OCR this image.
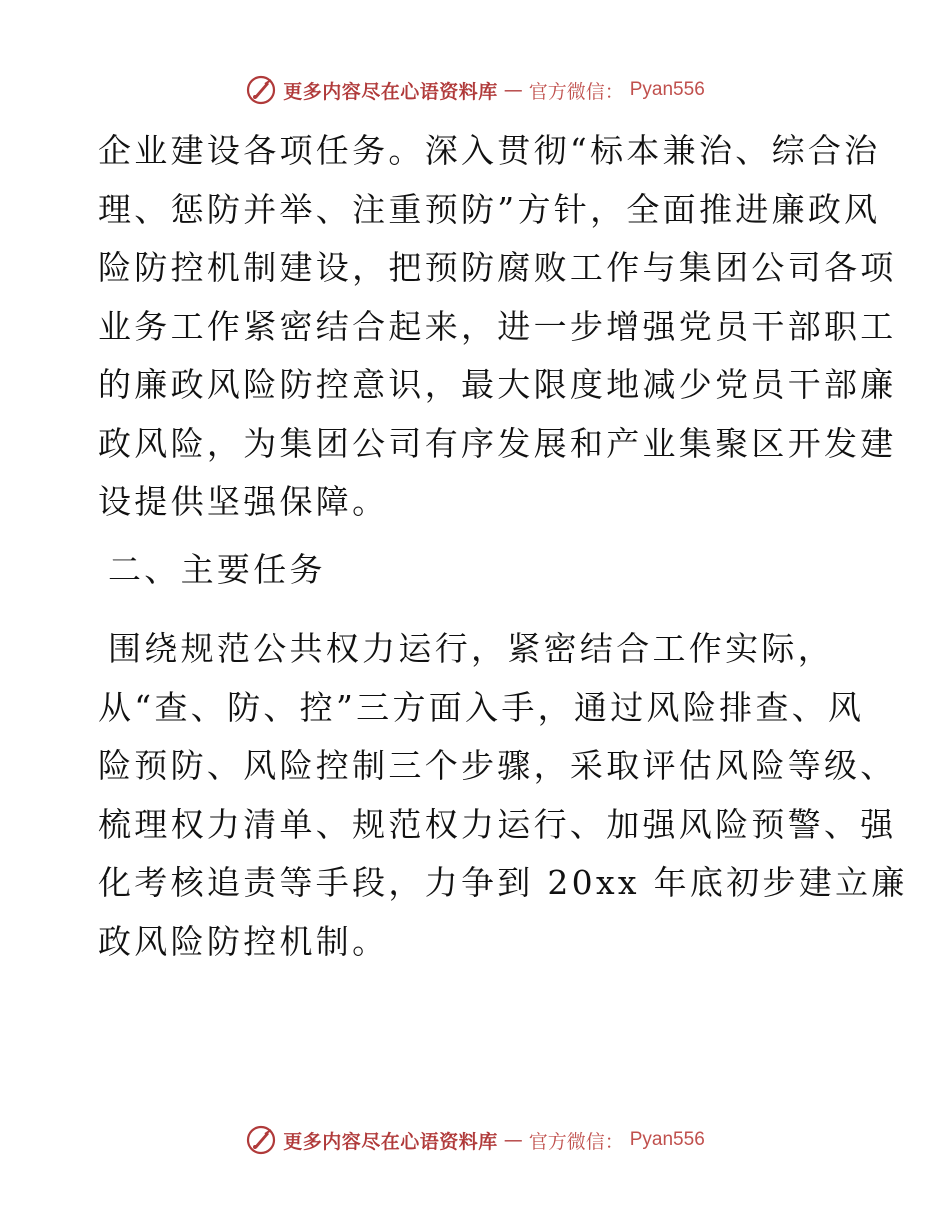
更多内容尽在心语资料库 — 官方微信： Pyan556

企业建设各项任务。深入贯彻“标本兼治、综合治
理、惩防并举、注重预防”方针，全面推进廉政风
险防控机制建设，把预防腐败工作与集团公司各项
业务工作紧密结合起来，进一步增强党员干部职工
的廉政风险防控意识，最大限度地减少党员干部廉
政风险，为集团公司有序发展和产业集聚区开发建
设提供坚强保障。

二、主要任务

围绕规范公共权力运行，紧密结合工作实际，
从“查、防、控”三方面入手，通过风险排查、风
险预防、风险控制三个步骤，采取评估风险等级、
梳理权力清单、规范权力运行、加强风险预警、强
化考核追责等手段，力争到 20xx 年底初步建立廉
政风险防控机制。

更多内容尽在心语资料库 — 官方微信： Pyan556
